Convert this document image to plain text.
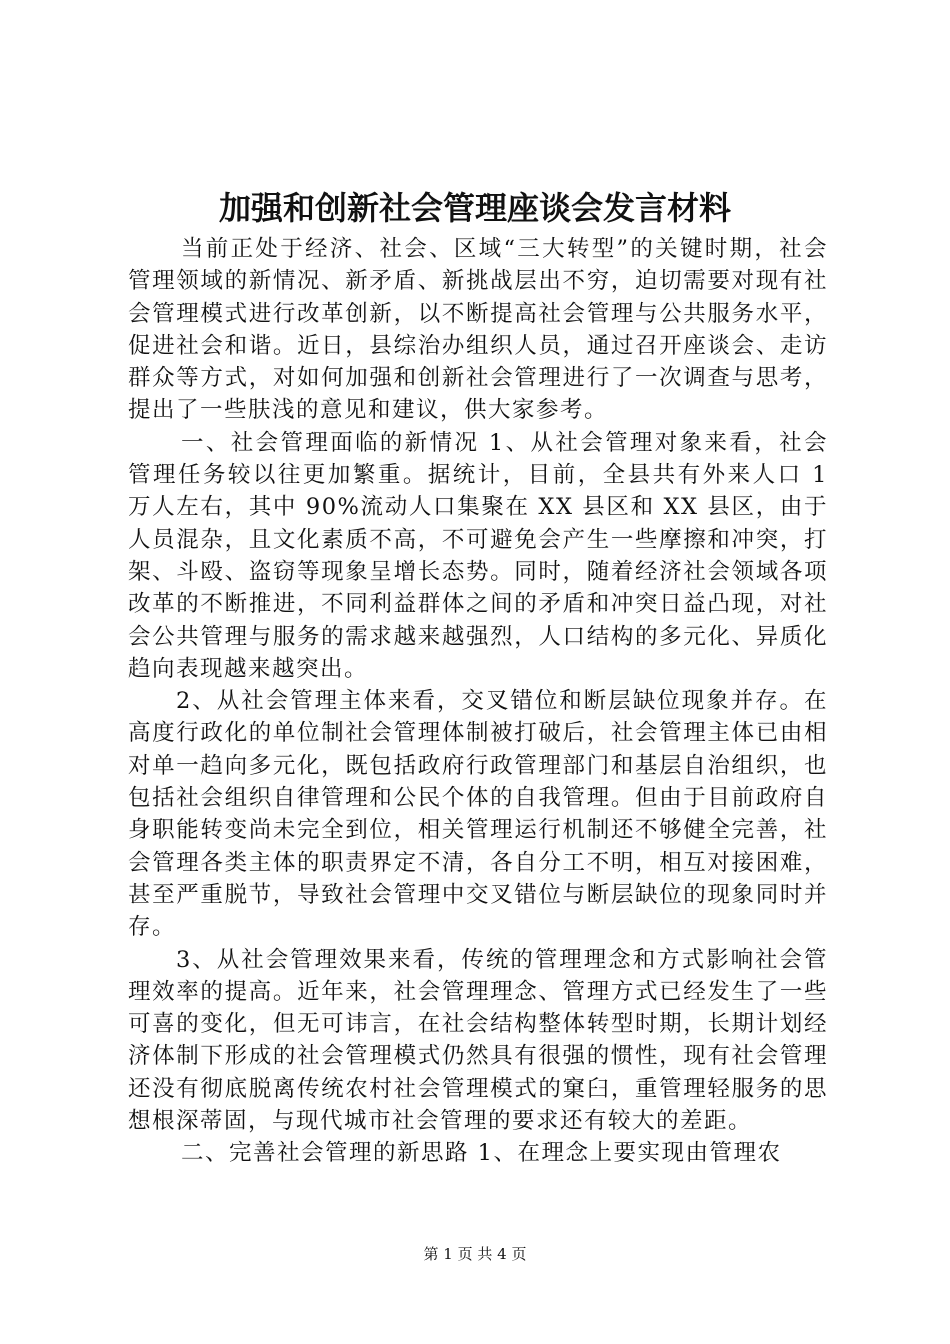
加强和创新社会管理座谈会发言材料

当前正处于经济、社会、区域“三大转型”的关键时期，社会管理领域的新情况、新矛盾、新挑战层出不穷，迫切需要对现有社会管理模式进行改革创新，以不断提高社会管理与公共服务水平，促进社会和谐。近日，县综治办组织人员，通过召开座谈会、走访群众等方式，对如何加强和创新社会管理进行了一次调查与思考，提出了一些肤浅的意见和建议，供大家参考。

一、社会管理面临的新情况 1、从社会管理对象来看，社会管理任务较以往更加繁重。据统计，目前，全县共有外来人口 1 万人左右，其中 90%流动人口集聚在 XX 县区和 XX 县区，由于人员混杂，且文化素质不高，不可避免会产生一些摩擦和冲突，打架、斗殴、盗窃等现象呈增长态势。同时，随着经济社会领域各项改革的不断推进，不同利益群体之间的矛盾和冲突日益凸现，对社会公共管理与服务的需求越来越强烈，人口结构的多元化、异质化趋向表现越来越突出。

2、从社会管理主体来看，交叉错位和断层缺位现象并存。在高度行政化的单位制社会管理体制被打破后，社会管理主体已由相对单一趋向多元化，既包括政府行政管理部门和基层自治组织，也包括社会组织自律管理和公民个体的自我管理。但由于目前政府自身职能转变尚未完全到位，相关管理运行机制还不够健全完善，社会管理各类主体的职责界定不清，各自分工不明，相互对接困难，甚至严重脱节，导致社会管理中交叉错位与断层缺位的现象同时并存。

3、从社会管理效果来看，传统的管理理念和方式影响社会管理效率的提高。近年来，社会管理理念、管理方式已经发生了一些可喜的变化，但无可讳言，在社会结构整体转型时期，长期计划经济体制下形成的社会管理模式仍然具有很强的惯性，现有社会管理还没有彻底脱离传统农村社会管理模式的窠臼，重管理轻服务的思想根深蒂固，与现代城市社会管理的要求还有较大的差距。

二、完善社会管理的新思路 1、在理念上要实现由管理农

第 1 页 共 4 页
